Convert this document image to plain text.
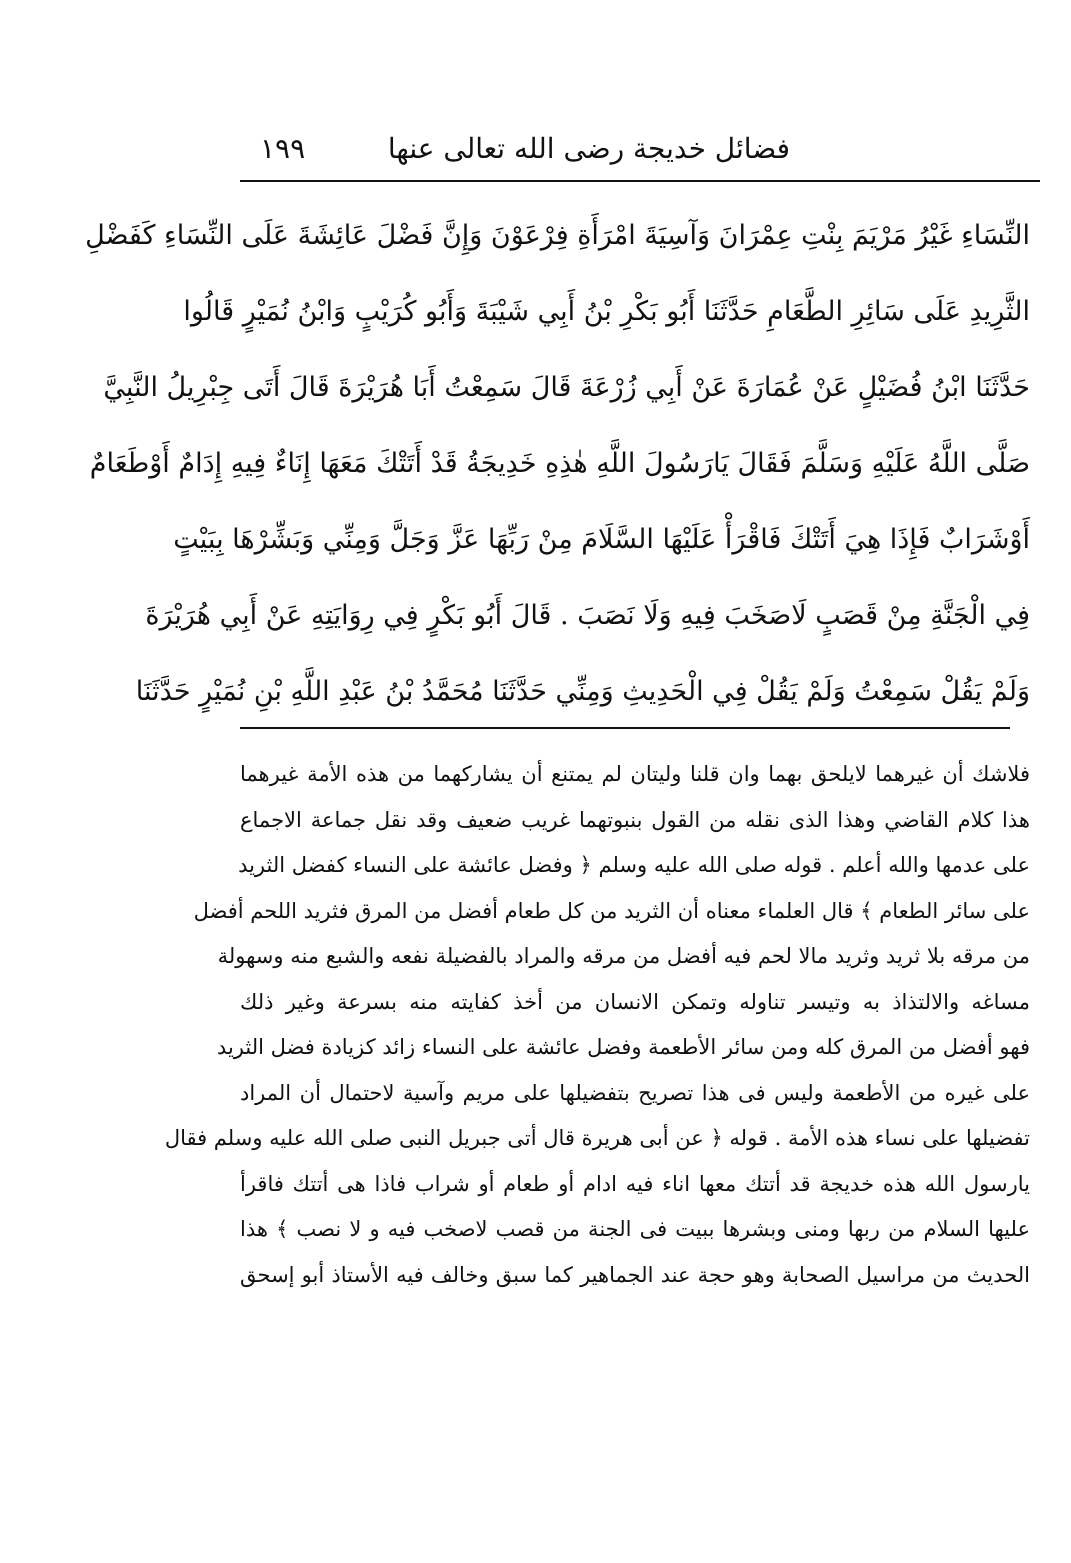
فضائل خديجة رضى الله تعالى عنها
١٩٩
النِّسَاءِ غَيْرُ مَرْيَمَ بِنْتِ عِمْرَانَ وَآسِيَةَ امْرَأَةِ فِرْعَوْنَ وَإِنَّ فَضْلَ عَائِشَةَ عَلَى النِّسَاءِ كَفَضْلِ
الثَّرِيدِ عَلَى سَائِرِ الطَّعَامِ حَدَّثَنَا أَبُو بَكْرِ بْنُ أَبِي شَيْبَةَ وَأَبُو كُرَيْبٍ وَابْنُ نُمَيْرٍ قَالُوا
حَدَّثَنَا ابْنُ فُضَيْلٍ عَنْ عُمَارَةَ عَنْ أَبِي زُرْعَةَ قَالَ سَمِعْتُ أَبَا هُرَيْرَةَ قَالَ أَتَى جِبْرِيلُ النَّبِيَّ
صَلَّى اللَّهُ عَلَيْهِ وَسَلَّمَ فَقَالَ يَارَسُولَ اللَّهِ هٰذِهِ خَدِيجَةُ قَدْ أَتَتْكَ مَعَهَا إِنَاءٌ فِيهِ إِدَامٌ أَوْطَعَامٌ
أَوْشَرَابٌ فَإِذَا هِيَ أَتَتْكَ فَاقْرَأْ عَلَيْهَا السَّلَامَ مِنْ رَبِّهَا عَزَّ وَجَلَّ وَمِنِّي وَبَشِّرْهَا بِبَيْتٍ
فِي الْجَنَّةِ مِنْ قَصَبٍ لَاصَخَبَ فِيهِ وَلَا نَصَبَ . قَالَ أَبُو بَكْرٍ فِي رِوَايَتِهِ عَنْ أَبِي هُرَيْرَةَ
وَلَمْ يَقُلْ سَمِعْتُ وَلَمْ يَقُلْ فِي الْحَدِيثِ وَمِنِّي حَدَّثَنَا مُحَمَّدُ بْنُ عَبْدِ اللَّهِ بْنِ نُمَيْرٍ حَدَّثَنَا
فلاشك أن غيرهما لايلحق بهما وان قلنا وليتان لم يمتنع أن يشاركهما من هذه الأمة غيرهما
هذا كلام القاضي وهذا الذى نقله من القول بنبوتهما غريب ضعيف وقد نقل جماعة الاجماع
على عدمها والله أعلم . قوله صلى الله عليه وسلم ﴿ وفضل عائشة على النساء كفضل الثريد
على سائر الطعام ﴾ قال العلماء معناه أن الثريد من كل طعام أفضل من المرق فثريد اللحم أفضل
من مرقه بلا ثريد وثريد مالا لحم فيه أفضل من مرقه والمراد بالفضيلة نفعه والشبع منه وسهولة
مساغه والالتذاذ به وتيسر تناوله وتمكن الانسان من أخذ كفايته منه بسرعة وغير ذلك
فهو أفضل من المرق كله ومن سائر الأطعمة وفضل عائشة على النساء زائد كزيادة فضل الثريد
على غيره من الأطعمة وليس فى هذا تصريح بتفضيلها على مريم وآسية لاحتمال أن المراد
تفضيلها على نساء هذه الأمة . قوله ﴿ عن أبى هريرة قال أتى جبريل النبى صلى الله عليه وسلم فقال
يارسول الله هذه خديجة قد أتتك معها اناء فيه ادام أو طعام أو شراب فاذا هى أتتك فاقرأ
عليها السلام من ربها ومنى وبشرها ببيت فى الجنة من قصب لاصخب فيه و لا نصب ﴾ هذا
الحديث من مراسيل الصحابة وهو حجة عند الجماهير كما سبق وخالف فيه الأستاذ أبو إسحق
